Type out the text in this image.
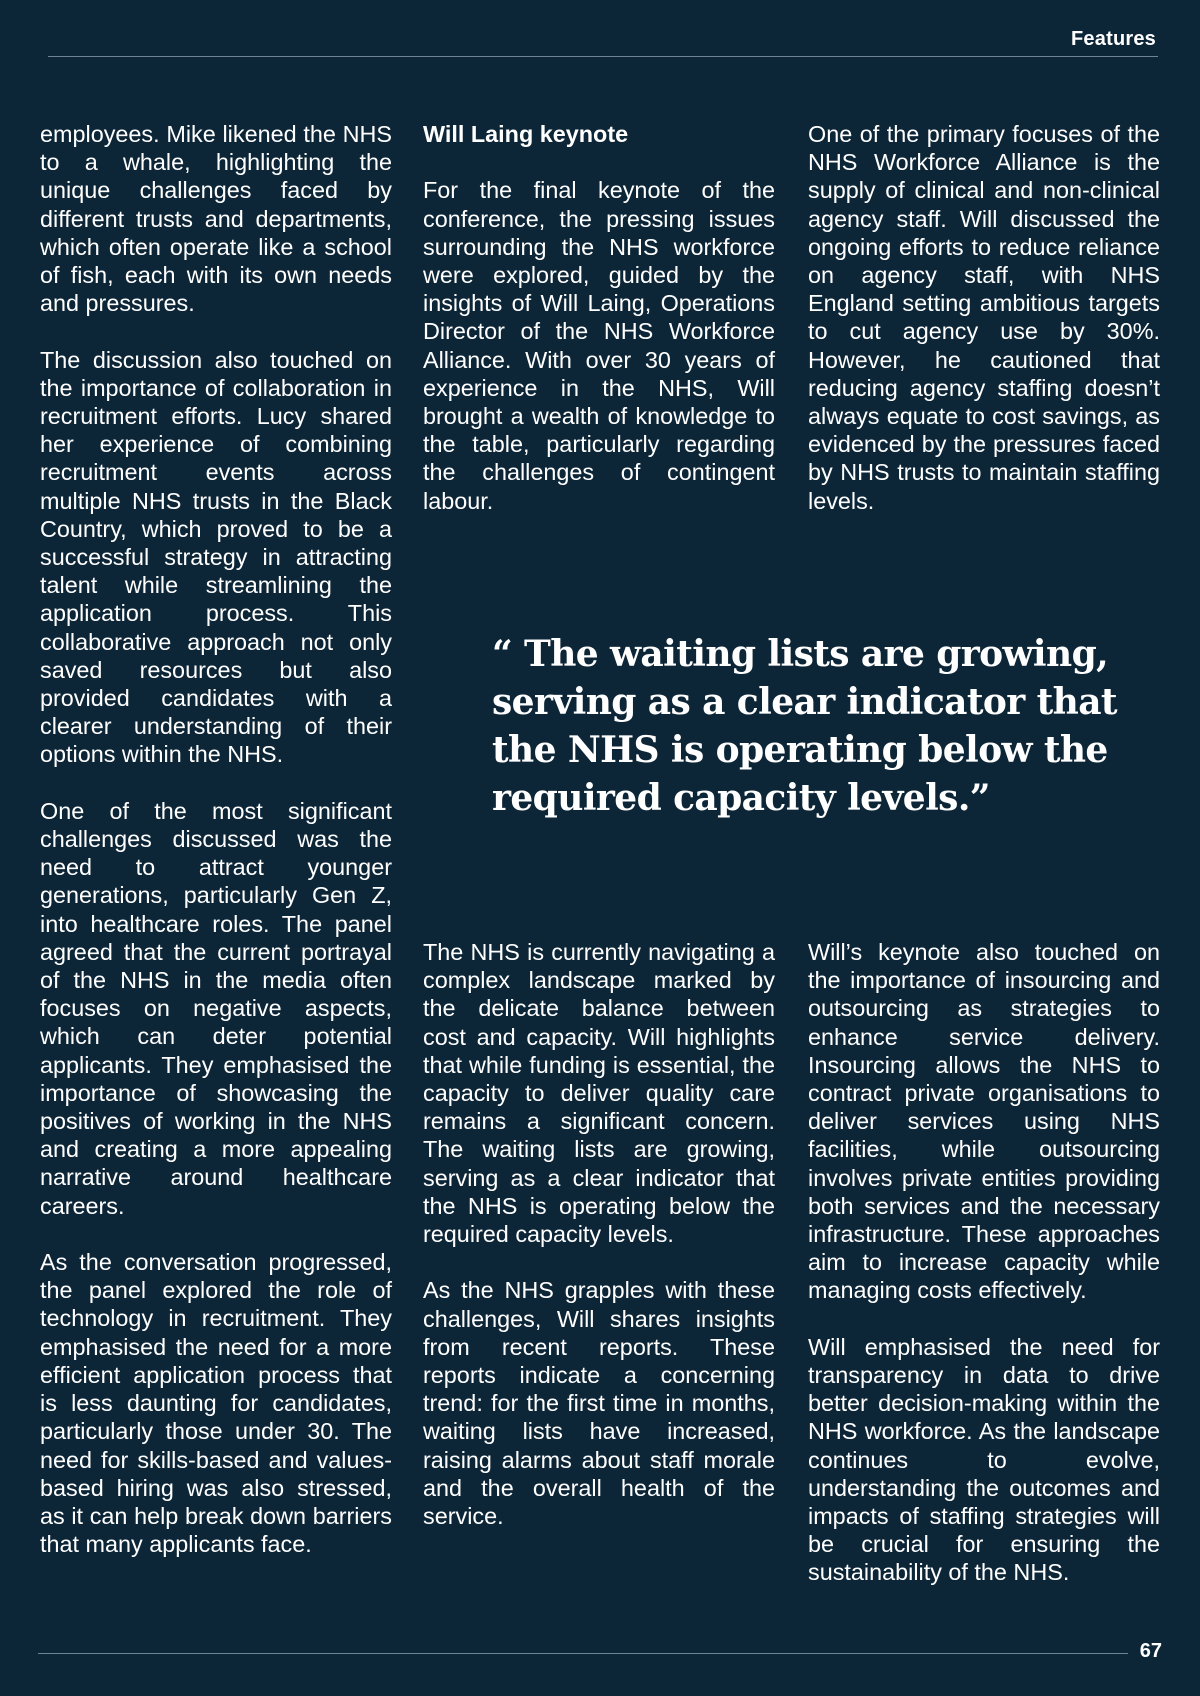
Features

employees. Mike likened the NHS to a whale, highlighting the unique challenges faced by different trusts and departments, which often operate like a school of fish, each with its own needs and pressures.

The discussion also touched on the importance of collaboration in recruitment efforts. Lucy shared her experience of combining recruitment events across multiple NHS trusts in the Black Country, which proved to be a successful strategy in attracting talent while streamlining the application process. This collaborative approach not only saved resources but also provided candidates with a clearer understanding of their options within the NHS.

One of the most significant challenges discussed was the need to attract younger generations, particularly Gen Z, into healthcare roles. The panel agreed that the current portrayal of the NHS in the media often focuses on negative aspects, which can deter potential applicants. They emphasised the importance of showcasing the positives of working in the NHS and creating a more appealing narrative around healthcare careers.

As the conversation progressed, the panel explored the role of technology in recruitment. They emphasised the need for a more efficient application process that is less daunting for candidates, particularly those under 30. The need for skills-based and values-based hiring was also stressed, as it can help break down barriers that many applicants face.

Will Laing keynote

For the final keynote of the conference, the pressing issues surrounding the NHS workforce were explored, guided by the insights of Will Laing, Operations Director of the NHS Workforce Alliance. With over 30 years of experience in the NHS, Will brought a wealth of knowledge to the table, particularly regarding the challenges of contingent labour.

One of the primary focuses of the NHS Workforce Alliance is the supply of clinical and non-clinical agency staff. Will discussed the ongoing efforts to reduce reliance on agency staff, with NHS England setting ambitious targets to cut agency use by 30%. However, he cautioned that reducing agency staffing doesn’t always equate to cost savings, as evidenced by the pressures faced by NHS trusts to maintain staffing levels.

“ The waiting lists are growing, serving as a clear indicator that the NHS is operating below the required capacity levels.”

The NHS is currently navigating a complex landscape marked by the delicate balance between cost and capacity. Will highlights that while funding is essential, the capacity to deliver quality care remains a significant concern. The waiting lists are growing, serving as a clear indicator that the NHS is operating below the required capacity levels.

As the NHS grapples with these challenges, Will shares insights from recent reports. These reports indicate a concerning trend: for the first time in months, waiting lists have increased, raising alarms about staff morale and the overall health of the service.

Will’s keynote also touched on the importance of insourcing and outsourcing as strategies to enhance service delivery. Insourcing allows the NHS to contract private organisations to deliver services using NHS facilities, while outsourcing involves private entities providing both services and the necessary infrastructure. These approaches aim to increase capacity while managing costs effectively.

Will emphasised the need for transparency in data to drive better decision-making within the NHS workforce. As the landscape continues to evolve, understanding the outcomes and impacts of staffing strategies will be crucial for ensuring the sustainability of the NHS.

67
